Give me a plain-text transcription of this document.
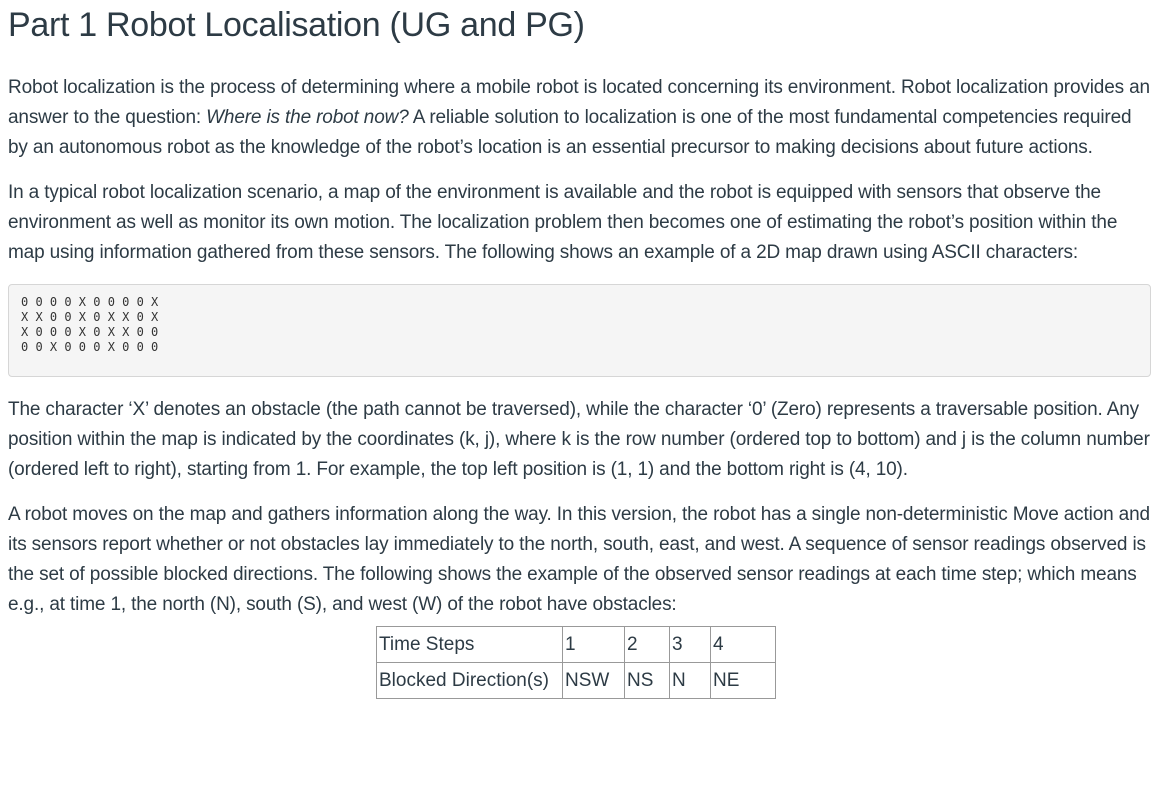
Part 1 Robot Localisation (UG and PG)

Robot localization is the process of determining where a mobile robot is located concerning its environment. Robot localization provides an answer to the question: Where is the robot now? A reliable solution to localization is one of the most fundamental competencies required by an autonomous robot as the knowledge of the robot’s location is an essential precursor to making decisions about future actions.

In a typical robot localization scenario, a map of the environment is available and the robot is equipped with sensors that observe the environment as well as monitor its own motion. The localization problem then becomes one of estimating the robot’s position within the map using information gathered from these sensors. The following shows an example of a 2D map drawn using ASCII characters:

0 0 0 0 X 0 0 0 0 X
X X 0 0 X 0 X X 0 X
X 0 0 0 X 0 X X 0 0
0 0 X 0 0 0 X 0 0 0

The character ‘X’ denotes an obstacle (the path cannot be traversed), while the character ‘0’ (Zero) represents a traversable position. Any position within the map is indicated by the coordinates (k, j), where k is the row number (ordered top to bottom) and j is the column number (ordered left to right), starting from 1. For example, the top left position is (1, 1) and the bottom right is (4, 10).

A robot moves on the map and gathers information along the way. In this version, the robot has a single non-deterministic Move action and its sensors report whether or not obstacles lay immediately to the north, south, east, and west. A sequence of sensor readings observed is the set of possible blocked directions. The following shows the example of the observed sensor readings at each time step; which means e.g., at time 1, the north (N), south (S), and west (W) of the robot have obstacles:

Time Steps	1	2	3	4
Blocked Direction(s)	NSW	NS	N	NE
